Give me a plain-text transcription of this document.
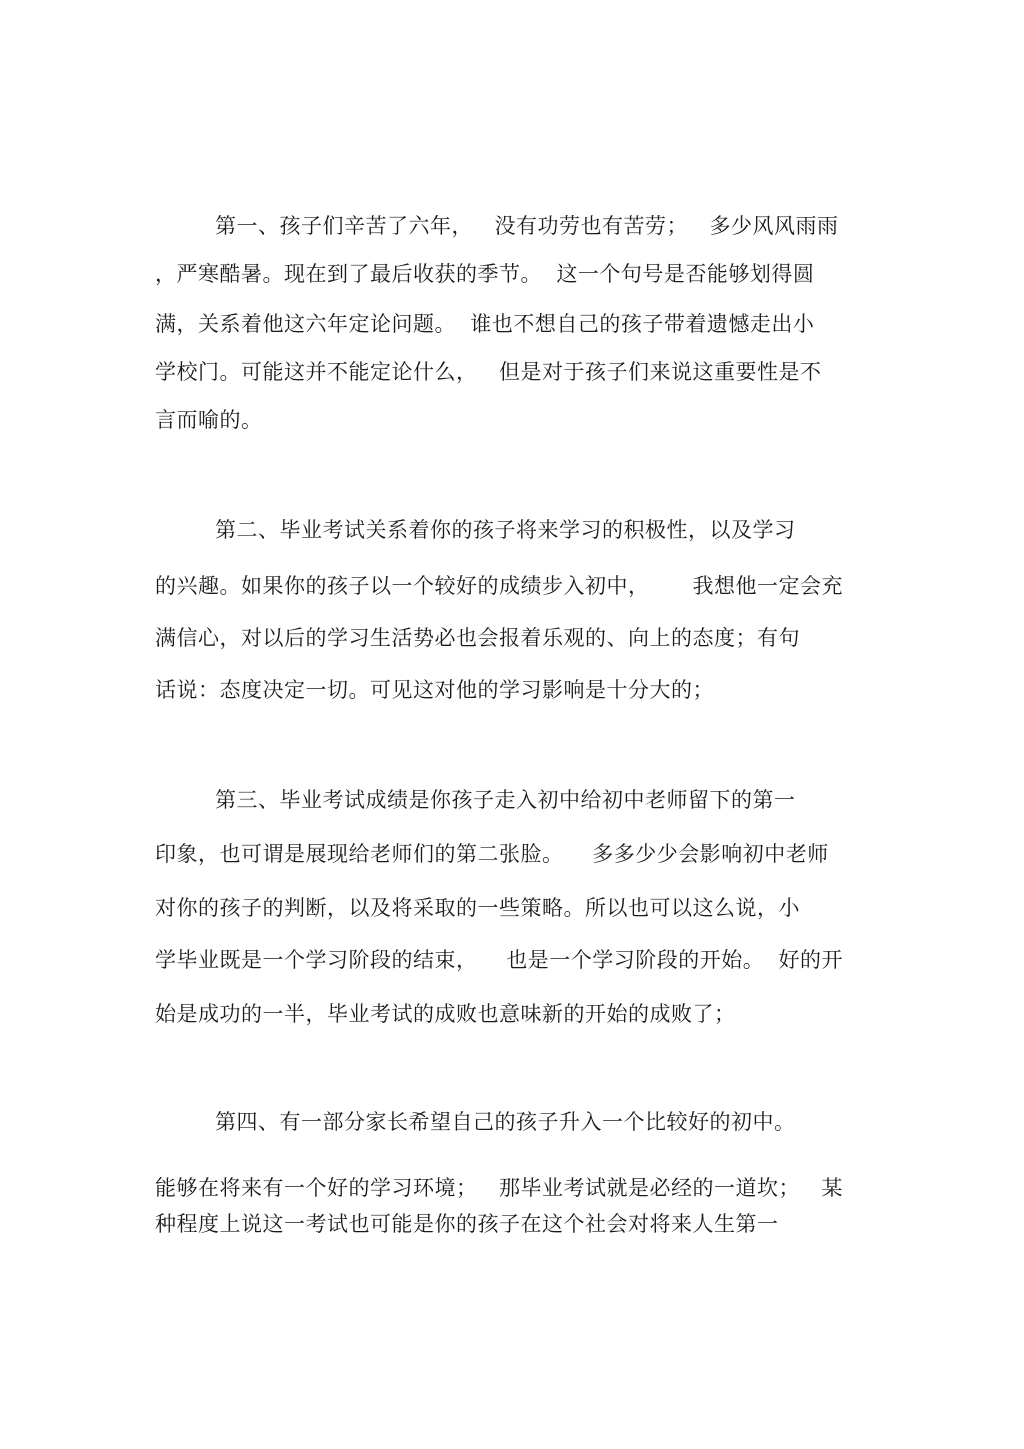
第一、孩子们辛苦了六年，   没有功劳也有苦劳；   多少风风雨雨
，严寒酷暑。现在到了最后收获的季节。  这一个句号是否能够划得圆
满，关系着他这六年定论问题。  谁也不想自己的孩子带着遗憾走出小
学校门。可能这并不能定论什么，   但是对于孩子们来说这重要性是不
言而喻的。
第二、毕业考试关系着你的孩子将来学习的积极性，以及学习
的兴趣。如果你的孩子以一个较好的成绩步入初中，      我想他一定会充
满信心，对以后的学习生活势必也会报着乐观的、向上的态度；有句
话说：态度决定一切。可见这对他的学习影响是十分大的；
第三、毕业考试成绩是你孩子走入初中给初中老师留下的第一
印象，也可谓是展现给老师们的第二张脸。    多多少少会影响初中老师
对你的孩子的判断，以及将采取的一些策略。所以也可以这么说，小
学毕业既是一个学习阶段的结束，    也是一个学习阶段的开始。  好的开
始是成功的一半，毕业考试的成败也意味新的开始的成败了；
第四、有一部分家长希望自己的孩子升入一个比较好的初中。
能够在将来有一个好的学习环境；   那毕业考试就是必经的一道坎；   某
种程度上说这一考试也可能是你的孩子在这个社会对将来人生第一
